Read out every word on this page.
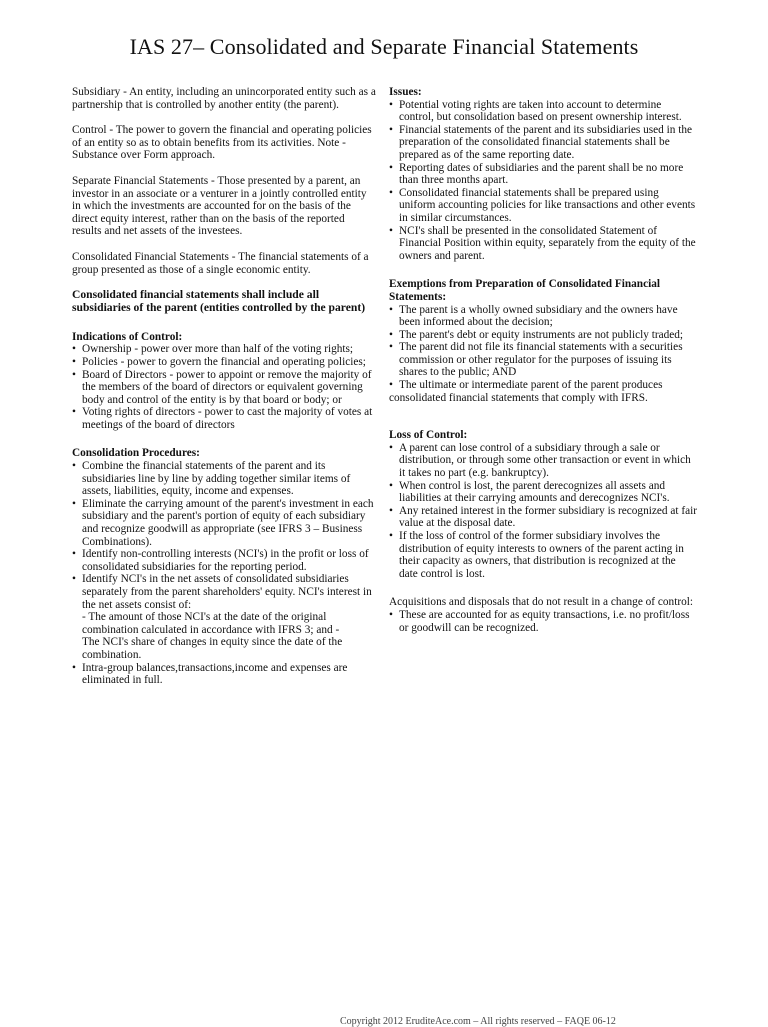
IAS 27– Consolidated and Separate Financial Statements

Subsidiary - An entity, including an unincorporated entity such as a partnership that is controlled by another entity (the parent).

Control - The power to govern the financial and operating policies of an entity so as to obtain benefits from its activities. Note - Substance over Form approach.

Separate Financial Statements - Those presented by a parent, an investor in an associate or a venturer in a jointly controlled entity in which the investments are accounted for on the basis of the direct equity interest, rather than on the basis of the reported results and net assets of the investees.

Consolidated Financial Statements - The financial statements of a group presented as those of a single economic entity.

Consolidated financial statements shall include all subsidiaries of the parent (entities controlled by the parent)
Indications of Control:
• Ownership - power over more than half of the voting rights;
• Policies - power to govern the financial and operating policies;
• Board of Directors - power to appoint or remove the majority of the members of the board of directors or equivalent governing body and control of the entity is by that board or body; or
• Voting rights of directors - power to cast the majority of votes at meetings of the board of directors
Consolidation Procedures:
• Combine the financial statements of the parent and its subsidiaries line by line by adding together similar items of assets, liabilities, equity, income and expenses.
• Eliminate the carrying amount of the parent's investment in each subsidiary and the parent's portion of equity of each subsidiary and recognize goodwill as appropriate (see IFRS 3 – Business Combinations).
• Identify non-controlling interests (NCI's) in the profit or loss of consolidated subsidiaries for the reporting period.
• Identify NCI's in the net assets of consolidated subsidiaries separately from the parent shareholders' equity. NCI's interest in the net assets consist of:
- The amount of those NCI's at the date of the original combination calculated in accordance with IFRS 3; and -
The NCI's share of changes in equity since the date of the combination.
• Intra-group balances,transactions,income and expenses are eliminated in full.
Issues:
• Potential voting rights are taken into account to determine control, but consolidation based on present ownership interest.
• Financial statements of the parent and its subsidiaries used in the preparation of the consolidated financial statements shall be prepared as of the same reporting date.
• Reporting dates of subsidiaries and the parent shall be no more than three months apart.
• Consolidated financial statements shall be prepared using uniform accounting policies for like transactions and other events in similar circumstances.
• NCI's shall be presented in the consolidated Statement of Financial Position within equity, separately from the equity of the owners and parent.
Exemptions from Preparation of Consolidated Financial Statements:
• The parent is a wholly owned subsidiary and the owners have been informed about the decision;
• The parent's debt or equity instruments are not publicly traded;
• The parent did not file its financial statements with a securities commission or other regulator for the purposes of issuing its shares to the public; AND
• The ultimate or intermediate parent of the parent produces
consolidated financial statements that comply with IFRS.
Loss of Control:
• A parent can lose control of a subsidiary through a sale or distribution, or through some other transaction or event in which it takes no part (e.g. bankruptcy).
• When control is lost, the parent derecognizes all assets and liabilities at their carrying amounts and derecognizes NCI's.
• Any retained interest in the former subsidiary is recognized at fair value at the disposal date.
• If the loss of control of the former subsidiary involves the distribution of equity interests to owners of the parent acting in their capacity as owners, that distribution is recognized at the date control is lost.
Acquisitions and disposals that do not result in a change of control:
• These are accounted for as equity transactions, i.e. no profit/loss or goodwill can be recognized.
Copyright 2012 EruditeAce.com – All rights reserved – FAQE 06-12
